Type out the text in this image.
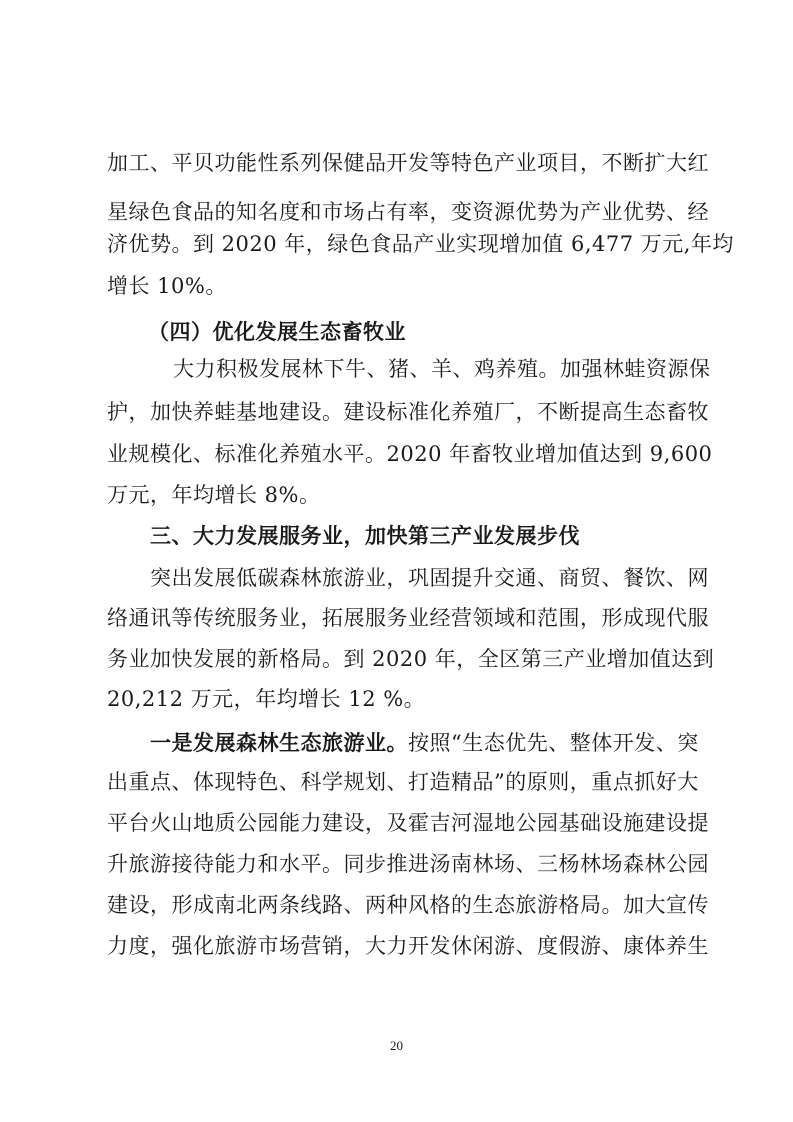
加工、平贝功能性系列保健品开发等特色产业项目，不断扩大红
星绿色食品的知名度和市场占有率，变资源优势为产业优势、经
济优势。到 2020 年，绿色食品产业实现增加值 6,477 万元,年均
增长 10%。
（四）优化发展生态畜牧业
大力积极发展林下牛、猪、羊、鸡养殖。加强林蛙资源保
护，加快养蛙基地建设。建设标准化养殖厂，不断提高生态畜牧
业规模化、标准化养殖水平。2020 年畜牧业增加值达到 9,600
万元，年均增长 8%。
三、大力发展服务业，加快第三产业发展步伐
突出发展低碳森林旅游业，巩固提升交通、商贸、餐饮、网
络通讯等传统服务业，拓展服务业经营领域和范围，形成现代服
务业加快发展的新格局。到 2020 年，全区第三产业增加值达到
20,212 万元，年均增长 12 %。
一是发展森林生态旅游业。按照“生态优先、整体开发、突
出重点、体现特色、科学规划、打造精品”的原则，重点抓好大
平台火山地质公园能力建设，及霍吉河湿地公园基础设施建设提
升旅游接待能力和水平。同步推进汤南林场、三杨林场森林公园
建设，形成南北两条线路、两种风格的生态旅游格局。加大宣传
力度，强化旅游市场营销，大力开发休闲游、度假游、康体养生
20
